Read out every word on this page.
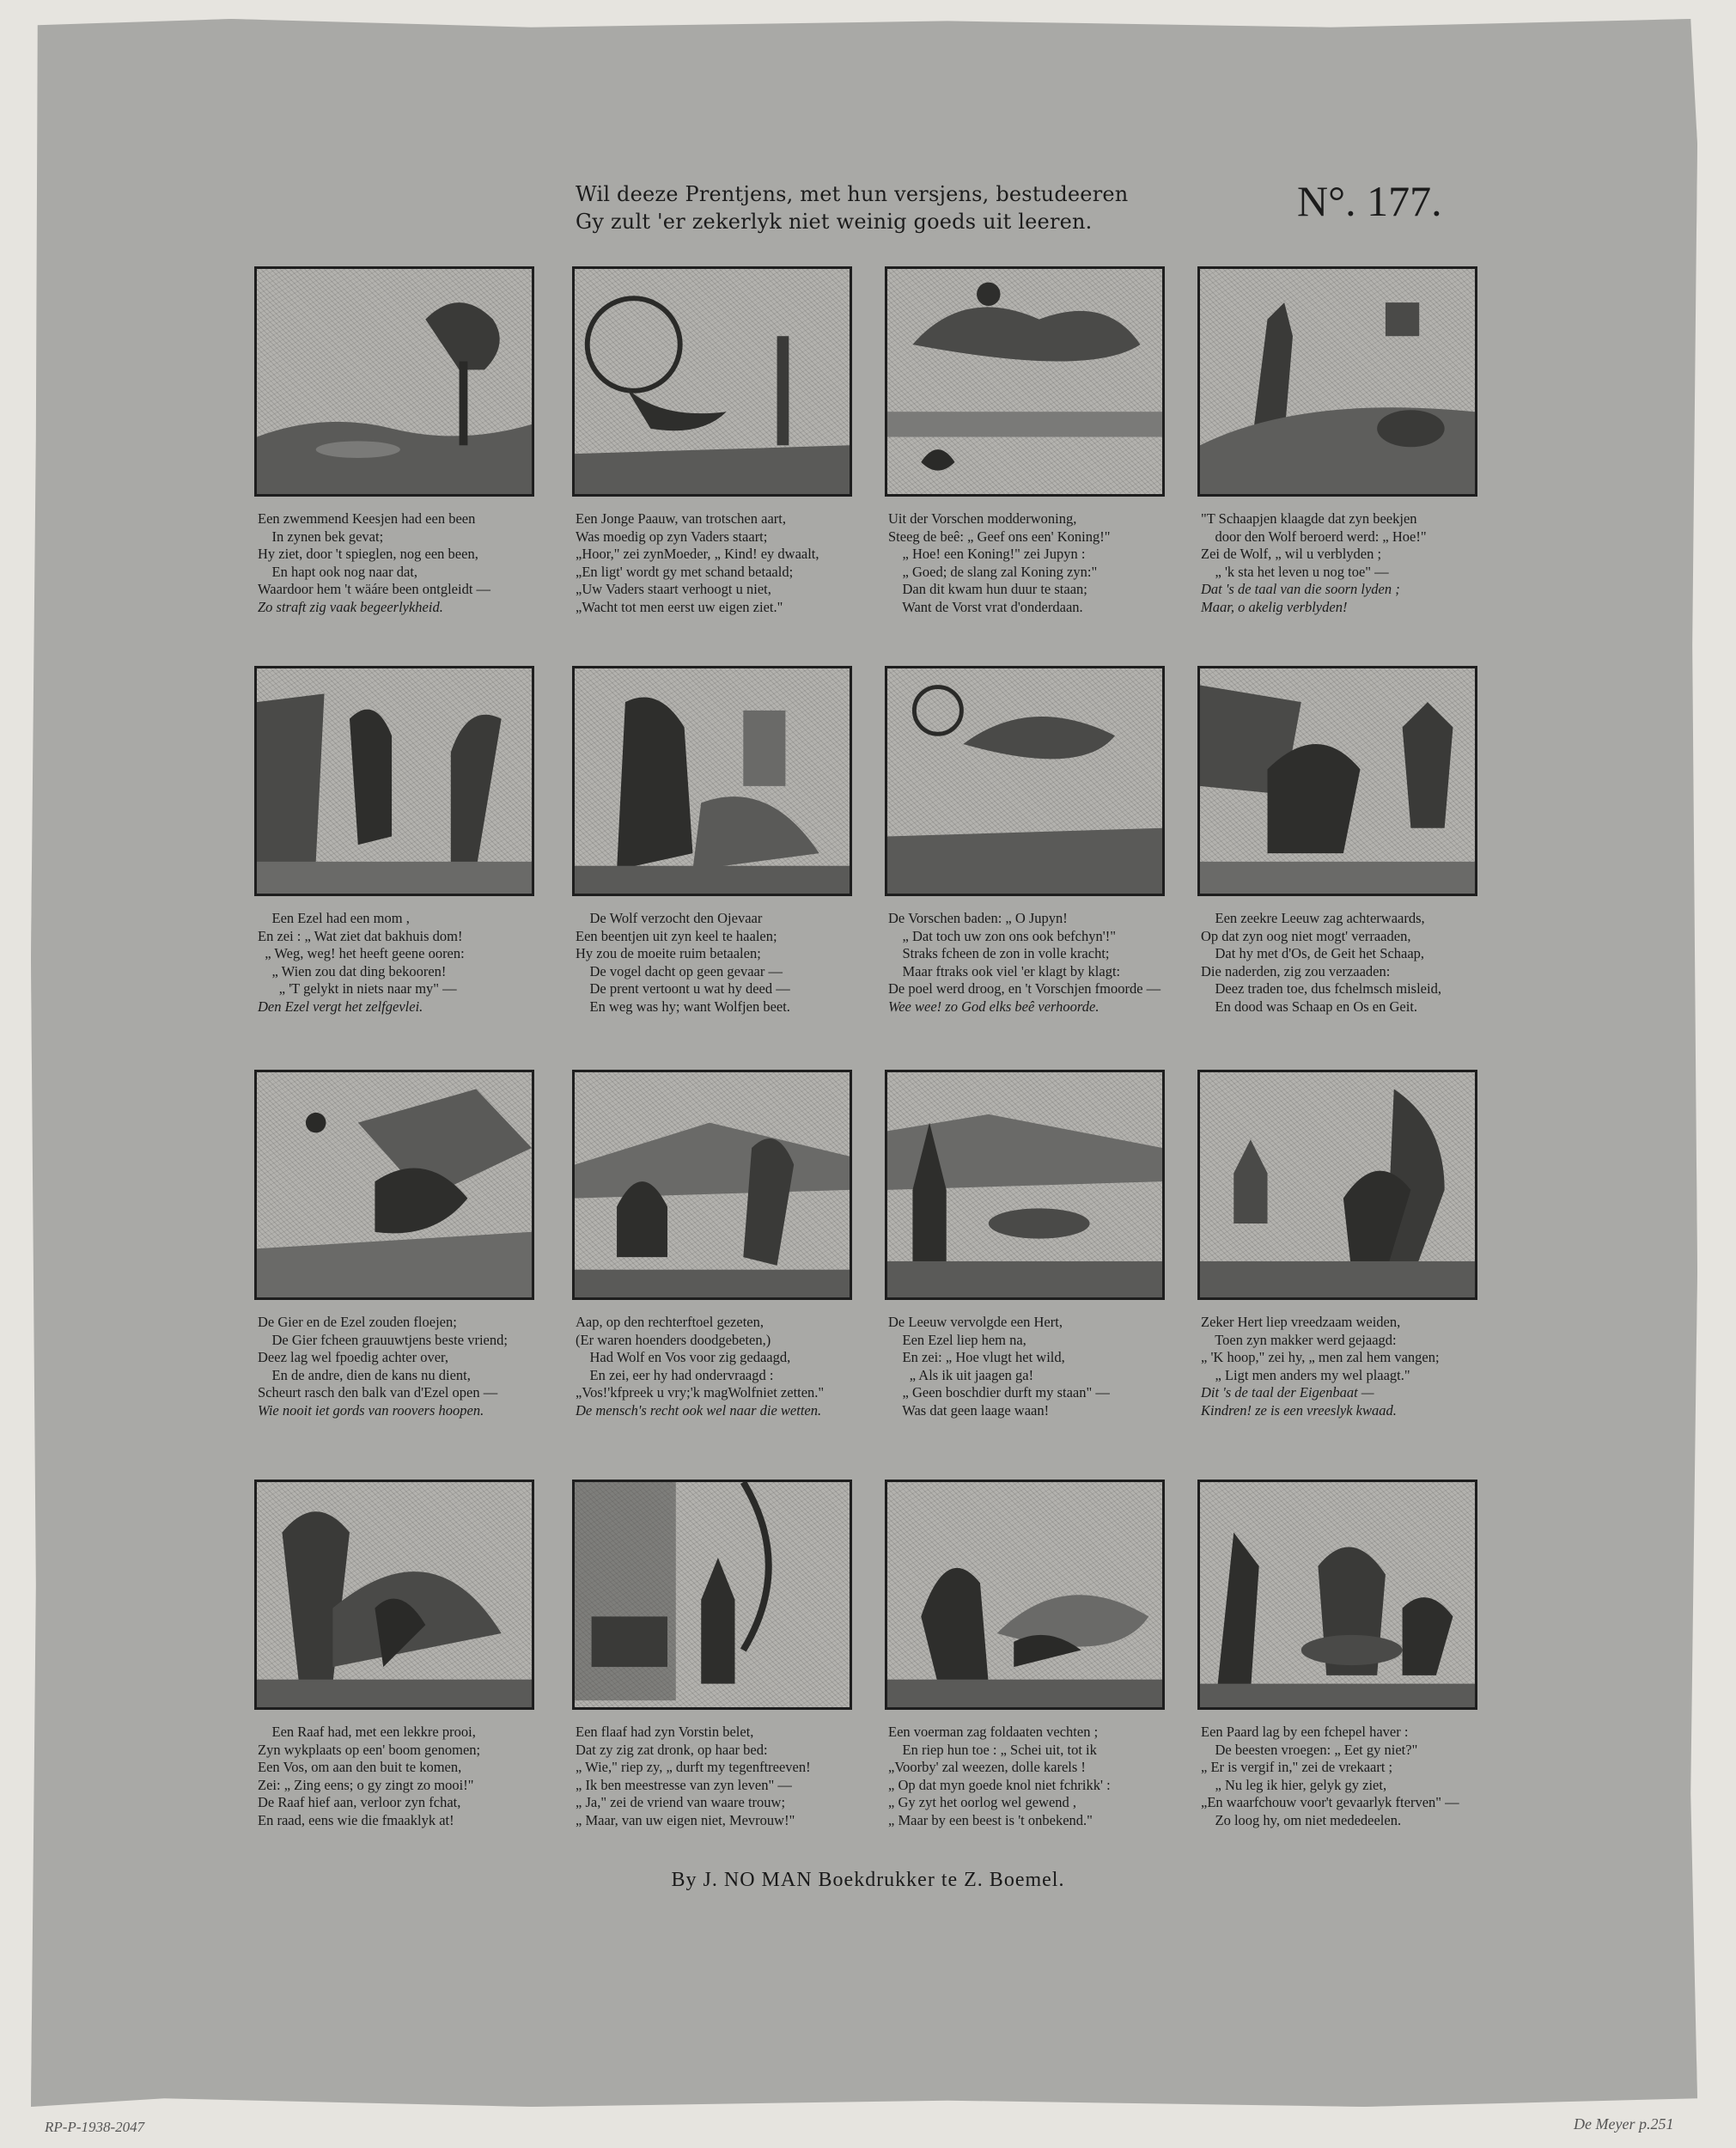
Wil deeze Prentjens, met hun versjens, bestudeeren
Gy zult 'er zekerlyk niet weinig goeds uit leeren.	N°. 177.
Een zwemmend Keesjen had een been
In zynen bek gevat;
Hy ziet, door 't spieglen, nog een been,
En hapt ook nog naar dat,
Waardoor hem 't wäáre been ontgleidt —
Zo straft zig vaak begeerlykheid.
Een Jonge Paauw, van trotschen aart,
Was moedig op zyn Vaders staart;
„Hoor," zei zynMoeder, „ Kind! ey dwaalt,
„En ligt' wordt gy met schand betaald;
„Uw Vaders staart verhoogt u niet,
„Wacht tot men eerst uw eigen ziet."
Uit der Vorschen modderwoning,
Steeg de beê: „ Geef ons een' Koning!"
„ Hoe! een Koning!" zei Jupyn :
„ Goed; de slang zal Koning zyn:"
Dan dit kwam hun duur te staan;
Want de Vorst vrat d'onderdaan.
"T Schaapjen klaagde dat zyn beekjen
door den Wolf beroerd werd: „ Hoe!"
Zei de Wolf, „ wil u verblyden ;
„ 'k sta het leven u nog toe" —
Dat 's de taal van die soorn lyden ;
Maar, o akelig verblyden!
Een Ezel had een mom ,
En zei : „ Wat ziet dat bakhuis dom!
„ Weg, weg! het heeft geene ooren:
„ Wien zou dat ding bekooren!
„ 'T gelykt in niets naar my" —
Den Ezel vergt het zelfgevlei.
De Wolf verzocht den Ojevaar
Een beentjen uit zyn keel te haalen;
Hy zou de moeite ruim betaalen;
De vogel dacht op geen gevaar —
De prent vertoont u wat hy deed —
En weg was hy; want Wolfjen beet.
De Vorschen baden: „ O Jupyn!
„ Dat toch uw zon ons ook befchyn'!"
Straks fcheen de zon in volle kracht;
Maar ftraks ook viel 'er klagt by klagt:
De poel werd droog, en 't Vorschjen fmoorde —
Wee wee! zo God elks beê verhoorde.
Een zeekre Leeuw zag achterwaards,
Op dat zyn oog niet mogt' verraaden,
Dat hy met d'Os, de Geit het Schaap,
Die naderden, zig zou verzaaden:
Deez traden toe, dus fchelmsch misleid,
En dood was Schaap en Os en Geit.
De Gier en de Ezel zouden floejen;
De Gier fcheen grauuwtjens beste vriend;
Deez lag wel fpoedig achter over,
En de andre, dien de kans nu dient,
Scheurt rasch den balk van d'Ezel open —
Wie nooit iet gords van roovers hoopen.
Aap, op den rechterftoel gezeten,
(Er waren hoenders doodgebeten,)
Had Wolf en Vos voor zig gedaagd,
En zei, eer hy had ondervraagd :
„Vos!'kfpreek u vry;'k magWolfniet zetten."
De mensch's recht ook wel naar die wetten.
De Leeuw vervolgde een Hert,
Een Ezel liep hem na,
En zei: „ Hoe vlugt het wild,
„ Als ik uit jaagen ga!
„ Geen boschdier durft my staan" —
Was dat geen laage waan!
Zeker Hert liep vreedzaam weiden,
Toen zyn makker werd gejaagd:
„ 'K hoop," zei hy, „ men zal hem vangen;
„ Ligt men anders my wel plaagt."
Dit 's de taal der Eigenbaat —
Kindren! ze is een vreeslyk kwaad.
Een Raaf had, met een lekkre prooi,
Zyn wykplaats op een' boom genomen;
Een Vos, om aan den buit te komen,
Zei: „ Zing eens; o gy zingt zo mooi!"
De Raaf hief aan, verloor zyn fchat,
En raad, eens wie die fmaaklyk at!
Een flaaf had zyn Vorstin belet,
Dat zy zig zat dronk, op haar bed:
„ Wie," riep zy, „ durft my tegenftreeven!
„ Ik ben meestresse van zyn leven" —
„ Ja," zei de vriend van waare trouw;
„ Maar, van uw eigen niet, Mevrouw!"
Een voerman zag foldaaten vechten ;
En riep hun toe : „ Schei uit, tot ik
„Voorby' zal weezen, dolle karels !
„ Op dat myn goede knol niet fchrikk' :
„ Gy zyt het oorlog wel gewend ,
„ Maar by een beest is 't onbekend."
Een Paard lag by een fchepel haver :
De beesten vroegen: „ Eet gy niet?"
„ Er is vergif in," zei de vrekaart ;
„ Nu leg ik hier, gelyk gy ziet,
„En waarfchouw voor't gevaarlyk fterven" —
Zo loog hy, om niet mededeelen.
By J. NO MAN Boekdrukker te Z. Boemel.
RP-P-1938-2047	De Meyer p.251
